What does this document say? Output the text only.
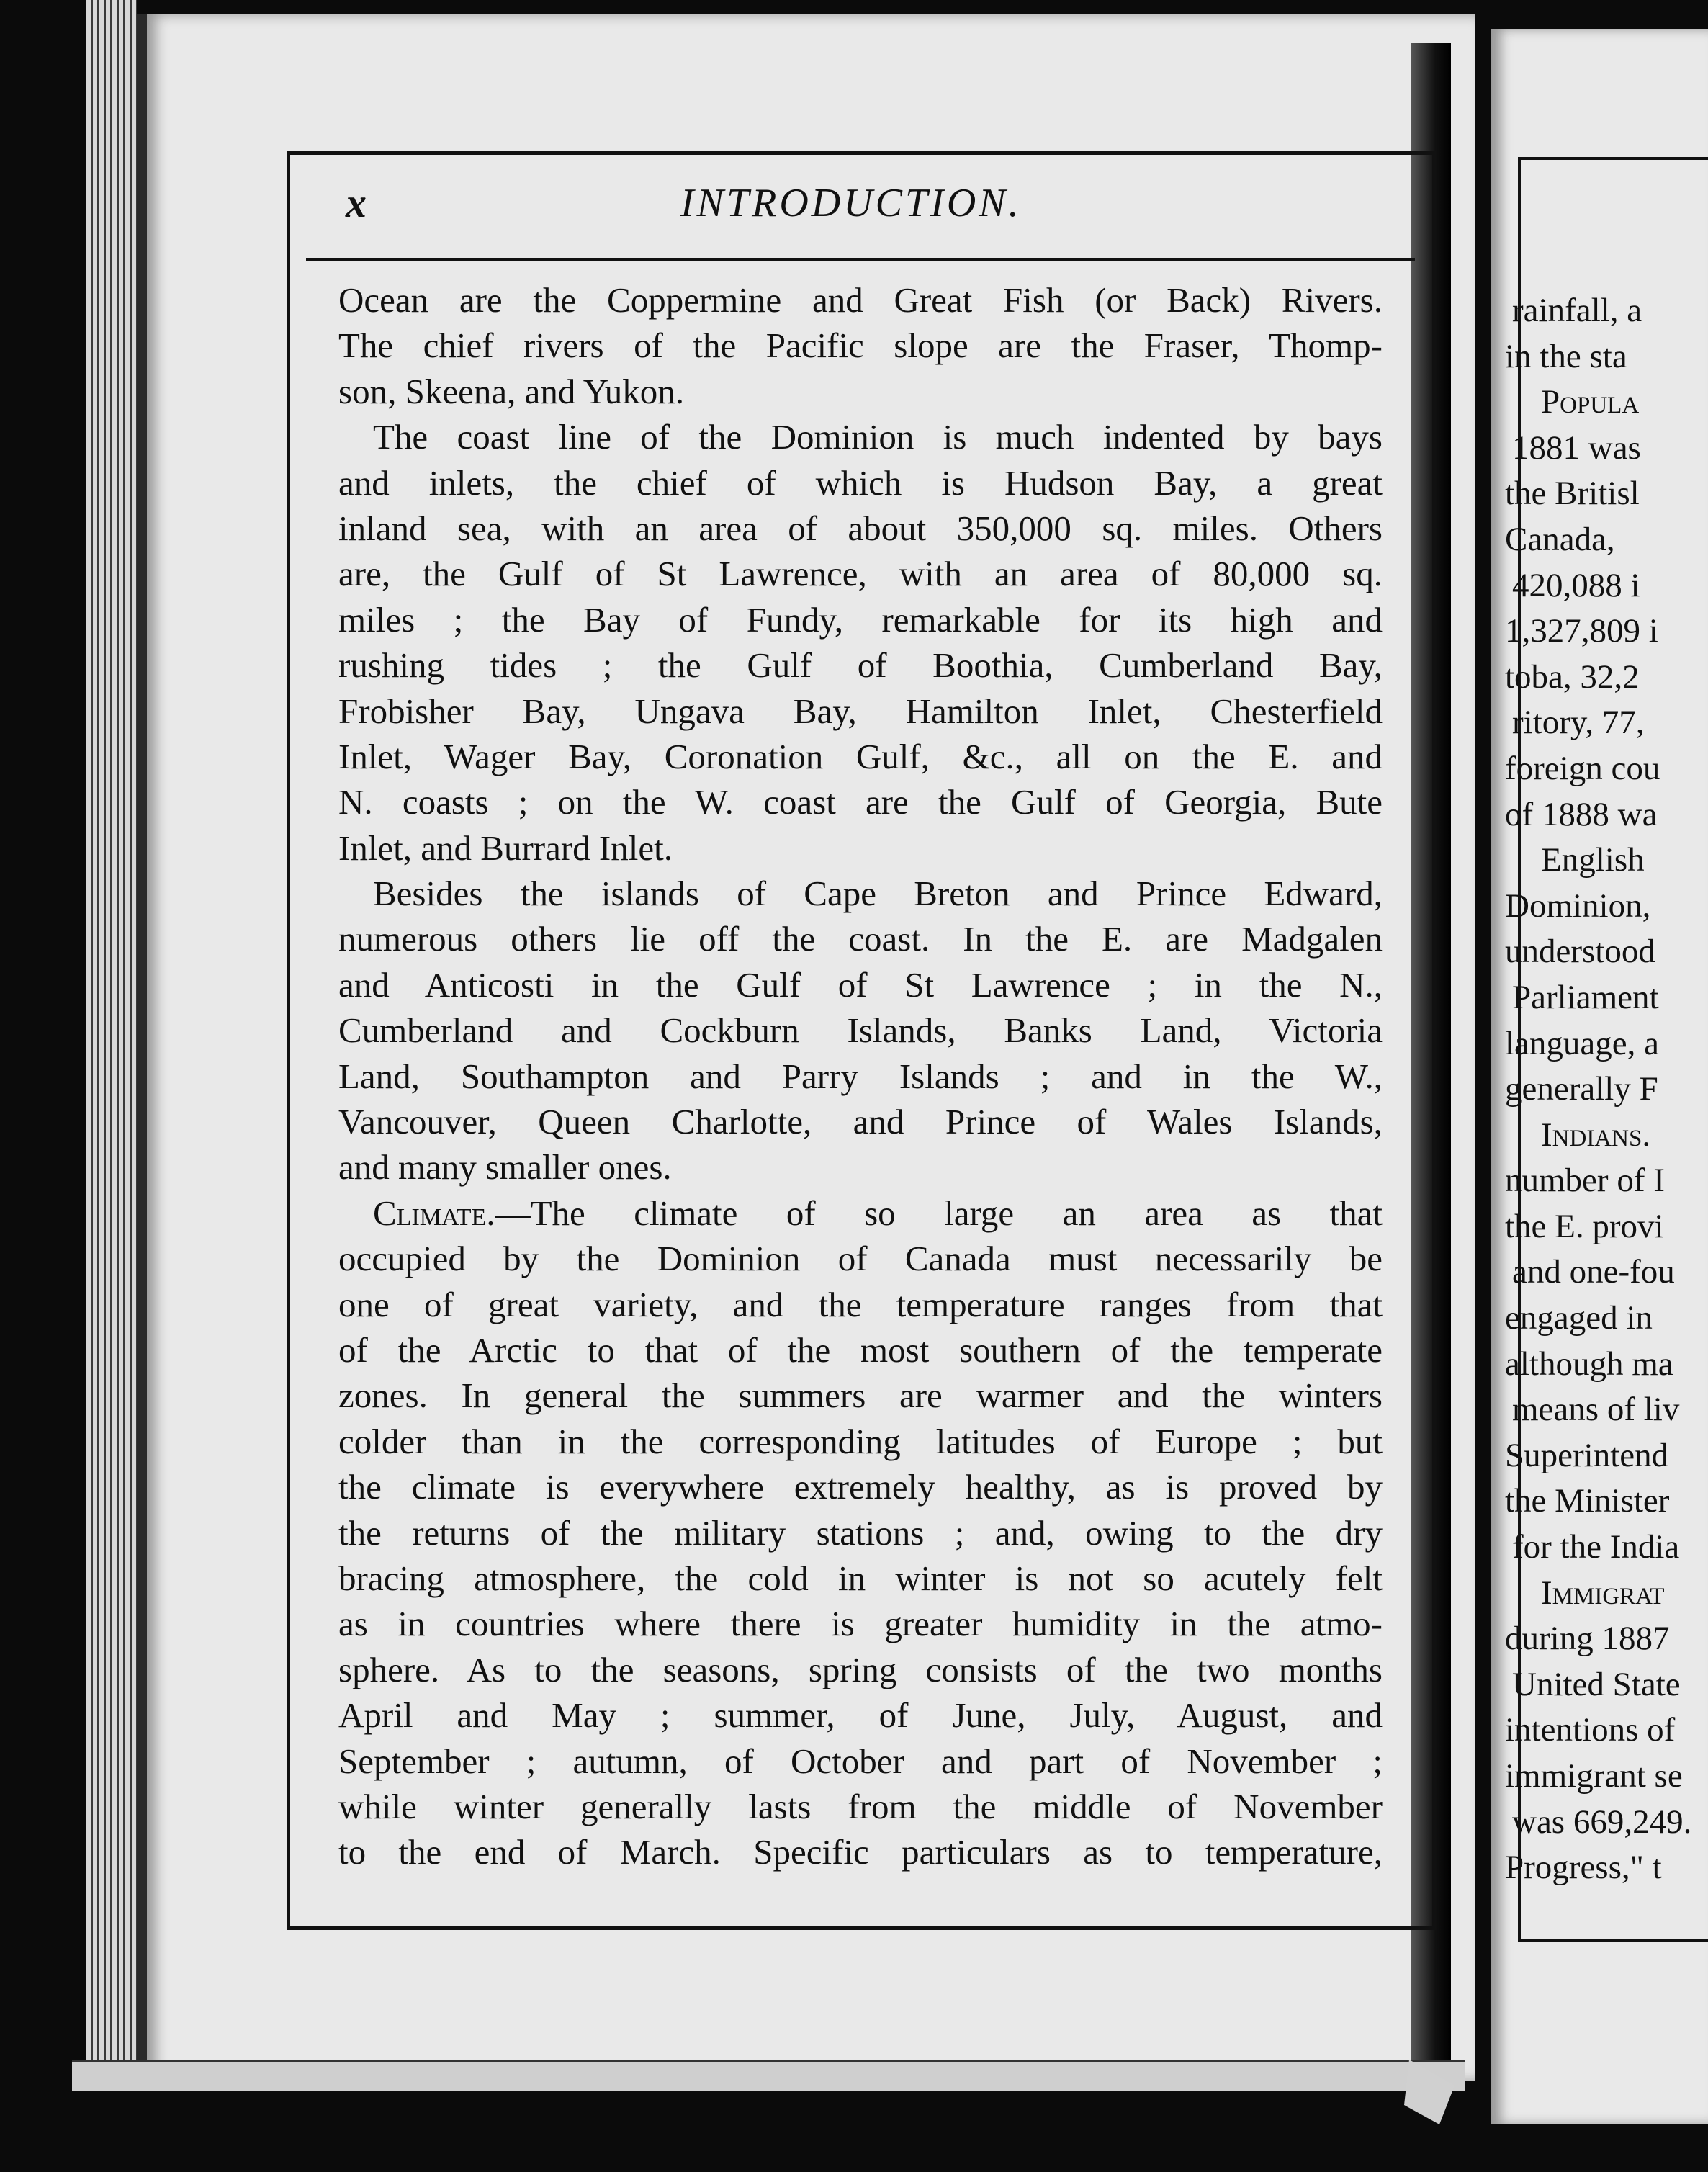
x	INTRODUCTION.
Ocean are the Coppermine and Great Fish (or Back) Rivers.
The chief rivers of the Pacific slope are the Fraser, Thomp-
son, Skeena, and Yukon.
The coast line of the Dominion is much indented by bays
and inlets, the chief of which is Hudson Bay, a great
inland sea, with an area of about 350,000 sq. miles. Others
are, the Gulf of St Lawrence, with an area of 80,000 sq.
miles ; the Bay of Fundy, remarkable for its high and
rushing tides ; the Gulf of Boothia, Cumberland Bay,
Frobisher Bay, Ungava Bay, Hamilton Inlet, Chesterfield
Inlet, Wager Bay, Coronation Gulf, &c., all on the E. and
N. coasts ; on the W. coast are the Gulf of Georgia, Bute
Inlet, and Burrard Inlet.
Besides the islands of Cape Breton and Prince Edward,
numerous others lie off the coast. In the E. are Madgalen
and Anticosti in the Gulf of St Lawrence ; in the N.,
Cumberland and Cockburn Islands, Banks Land, Victoria
Land, Southampton and Parry Islands ; and in the W.,
Vancouver, Queen Charlotte, and Prince of Wales Islands,
and many smaller ones.
Climate.—The climate of so large an area as that
occupied by the Dominion of Canada must necessarily be
one of great variety, and the temperature ranges from that
of the Arctic to that of the most southern of the temperate
zones. In general the summers are warmer and the winters
colder than in the corresponding latitudes of Europe ; but
the climate is everywhere extremely healthy, as is proved by
the returns of the military stations ; and, owing to the dry
bracing atmosphere, the cold in winter is not so acutely felt
as in countries where there is greater humidity in the atmo-
sphere. As to the seasons, spring consists of the two months
April and May ; summer, of June, July, August, and
September ; autumn, of October and part of November ;
while winter generally lasts from the middle of November
to the end of March. Specific particulars as to temperature,
rainfall, a
in the sta
Popula
1881 was
the Britisl
Canada,
420,088 i
1,327,809 i
toba, 32,2
ritory, 77,
foreign cou
of 1888 wa
English
Dominion,
understood
Parliament
language, a
generally F
Indians.
number of I
the E. provi
and one-fou
engaged in
although ma
means of liv
Superintend
the Minister
for the India
Immigrat
during 1887
United State
intentions of
immigrant se
was 669,249.
Progress," t
